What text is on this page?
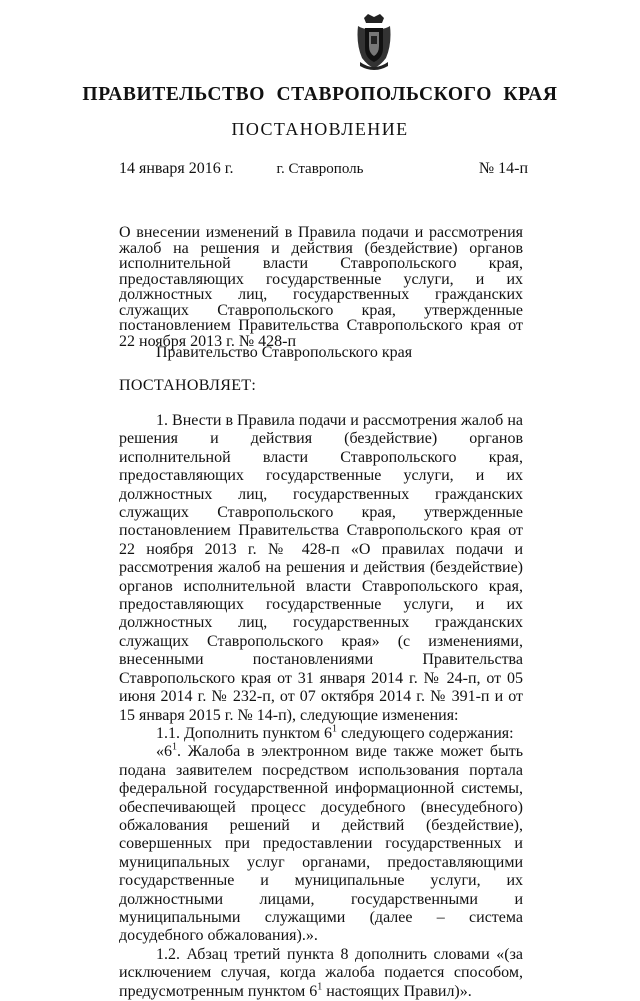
ПРАВИТЕЛЬСТВО СТАВРОПОЛЬСКОГО КРАЯ
ПОСТАНОВЛЕНИЕ
14 января 2016 г.	г. Ставрополь	№ 14-п
О внесении изменений в Правила подачи и рассмотрения жалоб на решения и действия (бездействие) органов исполнительной власти Ставропольского края, предоставляющих государственные услуги, и их должностных лиц, государственных гражданских служащих Ставропольского края, утвержденные постановлением Правительства Ставропольского края от 22 ноября 2013 г. № 428-п
Правительство Ставропольского края
ПОСТАНОВЛЯЕТ:

1. Внести в Правила подачи и рассмотрения жалоб на решения и действия (бездействие) органов исполнительной власти Ставропольского края, предоставляющих государственные услуги, и их должностных лиц, государственных гражданских служащих Ставропольского края, утвержденные постановлением Правительства Ставропольского края от 22 ноября 2013 г. № 428-п «О правилах подачи и рассмотрения жалоб на решения и действия (бездействие) органов исполнительной власти Ставропольского края, предоставляющих государственные услуги, и их должностных лиц, государственных гражданских служащих Ставропольского края» (с изменениями, внесенными постановлениями Правительства Ставропольского края от 31 января 2014 г. № 24-п, от 05 июня 2014 г. № 232-п, от 07 октября 2014 г. № 391-п и от 15 января 2015 г. № 14-п), следующие изменения:

1.1. Дополнить пунктом $6^1$ следующего содержания:

«$6^1$. Жалоба в электронном виде также может быть подана заявителем посредством использования портала федеральной государственной информационной системы, обеспечивающей процесс досудебного (внесудебного) обжалования решений и действий (бездействие), совершенных при предоставлении государственных и муниципальных услуг органами, предоставляющими государственные и муниципальные услуги, их должностными лицами, государственными и муниципальными служащими (далее – система досудебного обжалования).».

1.2. Абзац третий пункта 8 дополнить словами «(за исключением случая, когда жалоба подается способом, предусмотренным пунктом $6^1$ настоящих Правил)».
